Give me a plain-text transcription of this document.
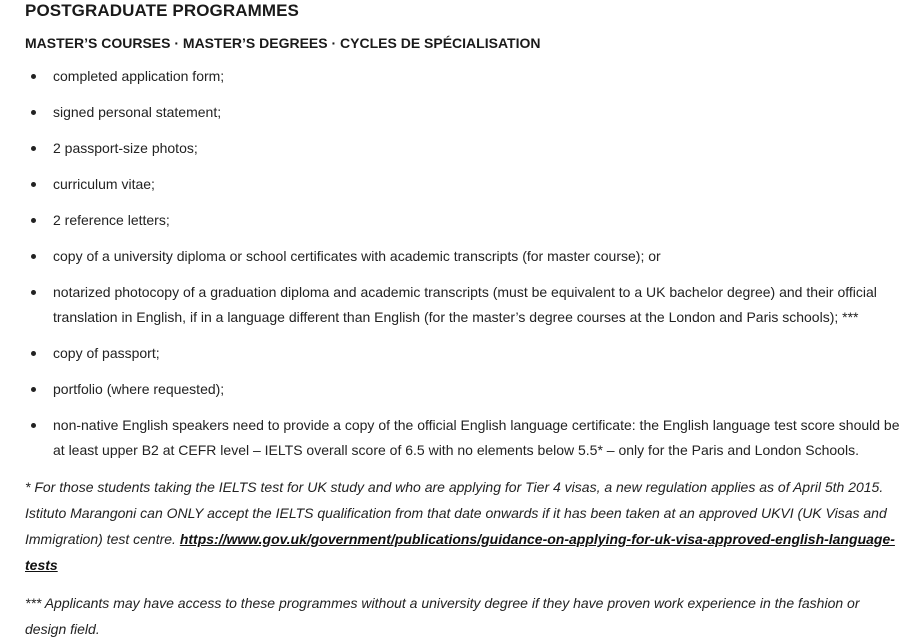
POSTGRADUATE PROGRAMMES
MASTER’S COURSES · MASTER’S DEGREES · CYCLES DE SPÉCIALISATION
completed application form;
signed personal statement;
2 passport-size photos;
curriculum vitae;
2 reference letters;
copy of a university diploma or school certificates with academic transcripts (for master course); or
notarized photocopy of a graduation diploma and academic transcripts (must be equivalent to a UK bachelor degree) and their official translation in English, if in a language different than English (for the master’s degree courses at the London and Paris schools); ***
copy of passport;
portfolio (where requested);
non-native English speakers need to provide a copy of the official English language certificate: the English language test score should be at least upper B2 at CEFR level – IELTS overall score of 6.5 with no elements below 5.5* – only for the Paris and London Schools.

* For those students taking the IELTS test for UK study and who are applying for Tier 4 visas, a new regulation applies as of April 5th 2015. Istituto Marangoni can ONLY accept the IELTS qualification from that date onwards if it has been taken at an approved UKVI (UK Visas and Immigration) test centre. https://www.gov.uk/government/publications/guidance-on-applying-for-uk-visa-approved-english-language-tests

*** Applicants may have access to these programmes without a university degree if they have proven work experience in the fashion or design field.
